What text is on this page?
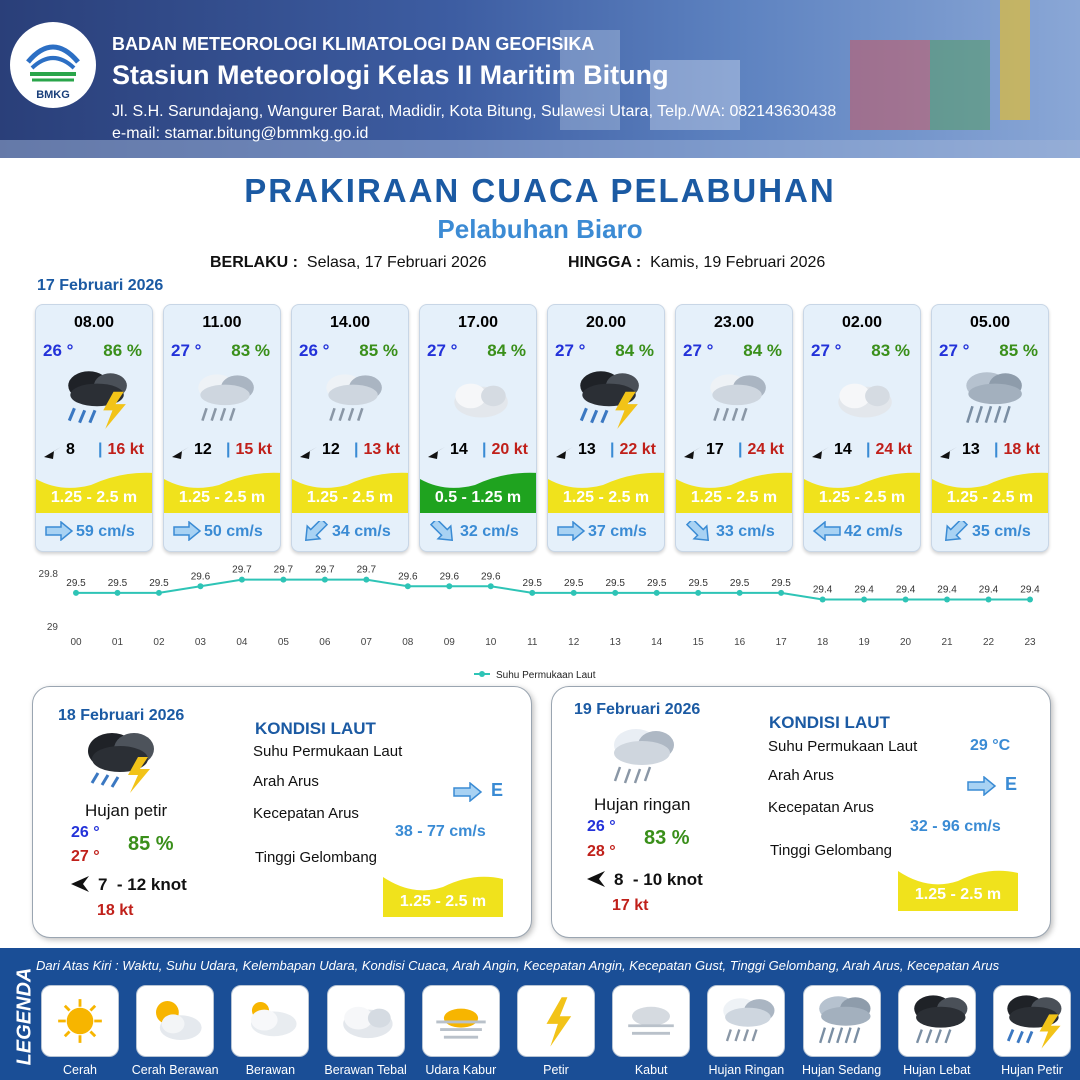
BMKG
BADAN METEOROLOGI KLIMATOLOGI DAN GEOFISIKA
Stasiun Meteorologi Kelas II Maritim Bitung
Jl. S.H. Sarundajang, Wangurer Barat, Madidir, Kota Bitung, Sulawesi Utara, Telp./WA: 082143630438
e-mail: stamar.bitung@bmmkg.go.id
PRAKIRAAN CUACA PELABUHAN
Pelabuhan Biaro
BERLAKU : Selasa, 17 Februari 2026	HINGGA : Kamis, 19 Februari 2026
17 Februari 2026
08.00
26 ° 86 %
8 | 16 kt
1.25 - 2.5 m
59 cm/s
11.00
27 ° 83 %
12 | 15 kt
1.25 - 2.5 m
50 cm/s
14.00
26 ° 85 %
12 | 13 kt
1.25 - 2.5 m
34 cm/s
17.00
27 ° 84 %
14 | 20 kt
0.5 - 1.25 m
32 cm/s
20.00
27 ° 84 %
13 | 22 kt
1.25 - 2.5 m
37 cm/s
23.00
27 ° 84 %
17 | 24 kt
1.25 - 2.5 m
33 cm/s
02.00
27 ° 83 %
14 | 24 kt
1.25 - 2.5 m
42 cm/s
05.00
27 ° 85 %
13 | 18 kt
1.25 - 2.5 m
35 cm/s
29.8
29
29.5
00
29.5
01
29.5
02
29.6
03
29.7
04
29.7
05
29.7
06
29.7
07
29.6
08
29.6
09
29.6
10
29.5
11
29.5
12
29.5
13
29.5
14
29.5
15
29.5
16
29.5
17
29.4
18
29.4
19
29.4
20
29.4
21
29.4
22
29.4
23
Suhu Permukaan Laut
18 Februari 2026
Hujan petir
26 °
27 °
85 %
7  - 12 knot
18 kt
KONDISI LAUT
Suhu Permukaan Laut
Arah Arus	E
Kecepatan Arus
38 - 77 cm/s
Tinggi Gelombang
1.25 - 2.5 m
19 Februari 2026
Hujan ringan
26 °
28 °
83 %
8  - 10 knot
17 kt
KONDISI LAUT
Suhu Permukaan Laut	29 °C
Arah Arus	E
Kecepatan Arus
32 - 96 cm/s
Tinggi Gelombang
1.25 - 2.5 m
LEGENDA
Dari Atas Kiri : Waktu, Suhu Udara, Kelembapan Udara, Kondisi Cuaca, Arah Angin, Kecepatan Angin, Kecepatan Gust, Tinggi Gelombang, Arah Arus, Kecepatan Arus
Cerah	Cerah Berawan	Berawan	Berawan Tebal	Udara Kabur	Petir	Kabut	Hujan Ringan	Hujan Sedang	Hujan Lebat	Hujan Petir
